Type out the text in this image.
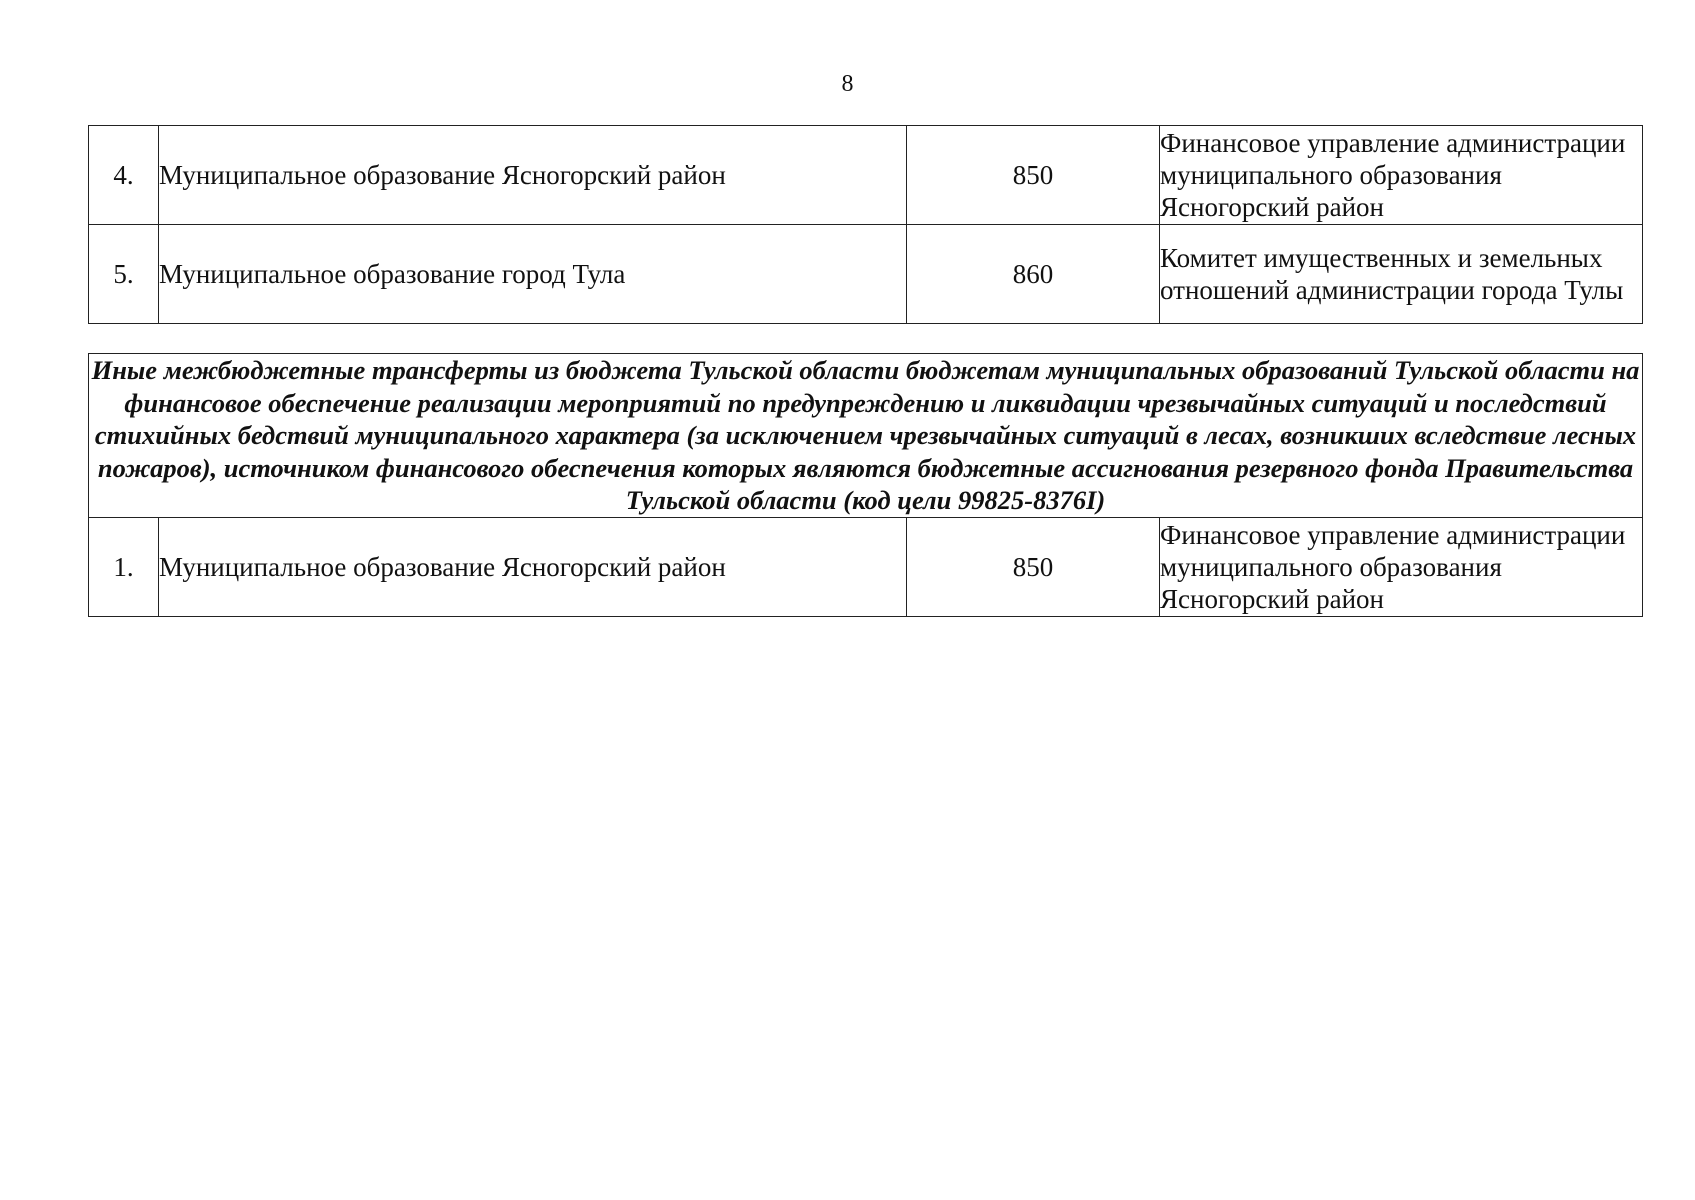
8
4.	Муниципальное образование Ясногорский район	850	Финансовое управление администрации муниципального образования Ясногорский район
5.	Муниципальное образование город Тула	860	Комитет имущественных и земельных отношений администрации города Тулы
Иные межбюджетные трансферты из бюджета Тульской области бюджетам муниципальных образований Тульской области на финансовое обеспечение реализации мероприятий по предупреждению и ликвидации чрезвычайных ситуаций и последствий стихийных бедствий муниципального характера (за исключением чрезвычайных ситуаций в лесах, возникших вследствие лесных пожаров), источником финансового обеспечения которых являются бюджетные ассигнования резервного фонда Правительства Тульской области (код цели 99825-8376I)
1.	Муниципальное образование Ясногорский район	850	Финансовое управление администрации муниципального образования Ясногорский район
